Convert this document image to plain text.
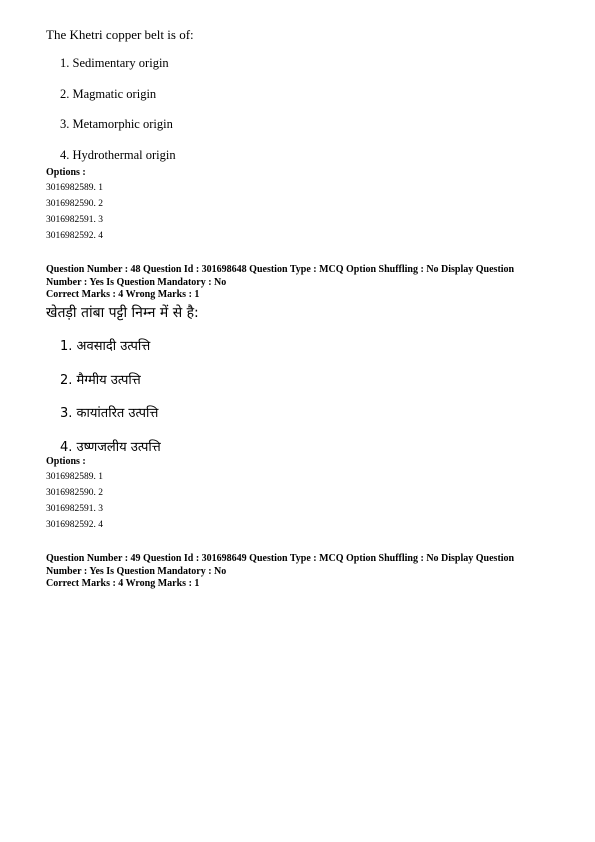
The Khetri copper belt is of:
1. Sedimentary origin
2. Magmatic origin
3. Metamorphic origin
4. Hydrothermal origin
Options :
3016982589. 1
3016982590. 2
3016982591. 3
3016982592. 4
Question Number : 48 Question Id : 301698648 Question Type : MCQ Option Shuffling : No Display Question
Number : Yes Is Question Mandatory : No
Correct Marks : 4 Wrong Marks : 1
खेतड़ी तांबा पट्टी निम्न में से है:
1. अवसादी उत्पत्ति
2. मैग्मीय उत्पत्ति
3. कायांतरित उत्पत्ति
4. उष्णजलीय उत्पत्ति
Options :
3016982589. 1
3016982590. 2
3016982591. 3
3016982592. 4
Question Number : 49 Question Id : 301698649 Question Type : MCQ Option Shuffling : No Display Question
Number : Yes Is Question Mandatory : No
Correct Marks : 4 Wrong Marks : 1
